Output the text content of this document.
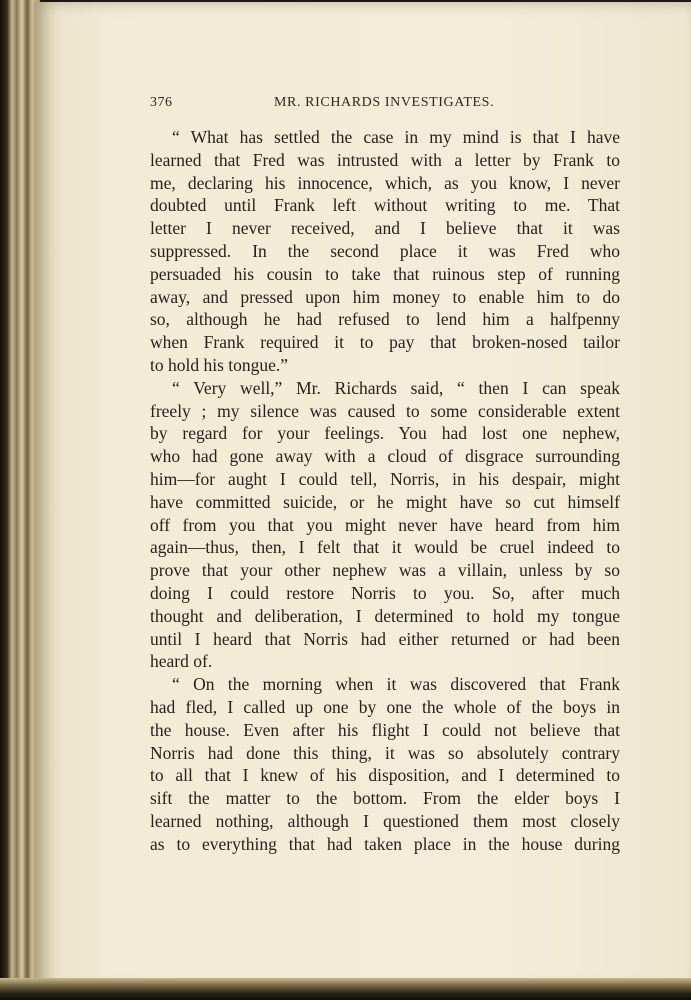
376	MR. RICHARDS INVESTIGATES.
“ What has settled the case in my mind is that I have
learned that Fred was intrusted with a letter by Frank to
me, declaring his innocence, which, as you know, I never
doubted until Frank left without writing to me. That
letter I never received, and I believe that it was
suppressed. In the second place it was Fred who
persuaded his cousin to take that ruinous step of running
away, and pressed upon him money to enable him to do
so, although he had refused to lend him a halfpenny
when Frank required it to pay that broken-nosed tailor
to hold his tongue.”
“ Very well,” Mr. Richards said, “ then I can speak
freely ; my silence was caused to some considerable extent
by regard for your feelings. You had lost one nephew,
who had gone away with a cloud of disgrace surrounding
him—for aught I could tell, Norris, in his despair, might
have committed suicide, or he might have so cut himself
off from you that you might never have heard from him
again—thus, then, I felt that it would be cruel indeed to
prove that your other nephew was a villain, unless by so
doing I could restore Norris to you. So, after much
thought and deliberation, I determined to hold my tongue
until I heard that Norris had either returned or had been
heard of.
“ On the morning when it was discovered that Frank
had fled, I called up one by one the whole of the boys in
the house. Even after his flight I could not believe that
Norris had done this thing, it was so absolutely contrary
to all that I knew of his disposition, and I determined to
sift the matter to the bottom. From the elder boys I
learned nothing, although I questioned them most closely
as to everything that had taken place in the house during
